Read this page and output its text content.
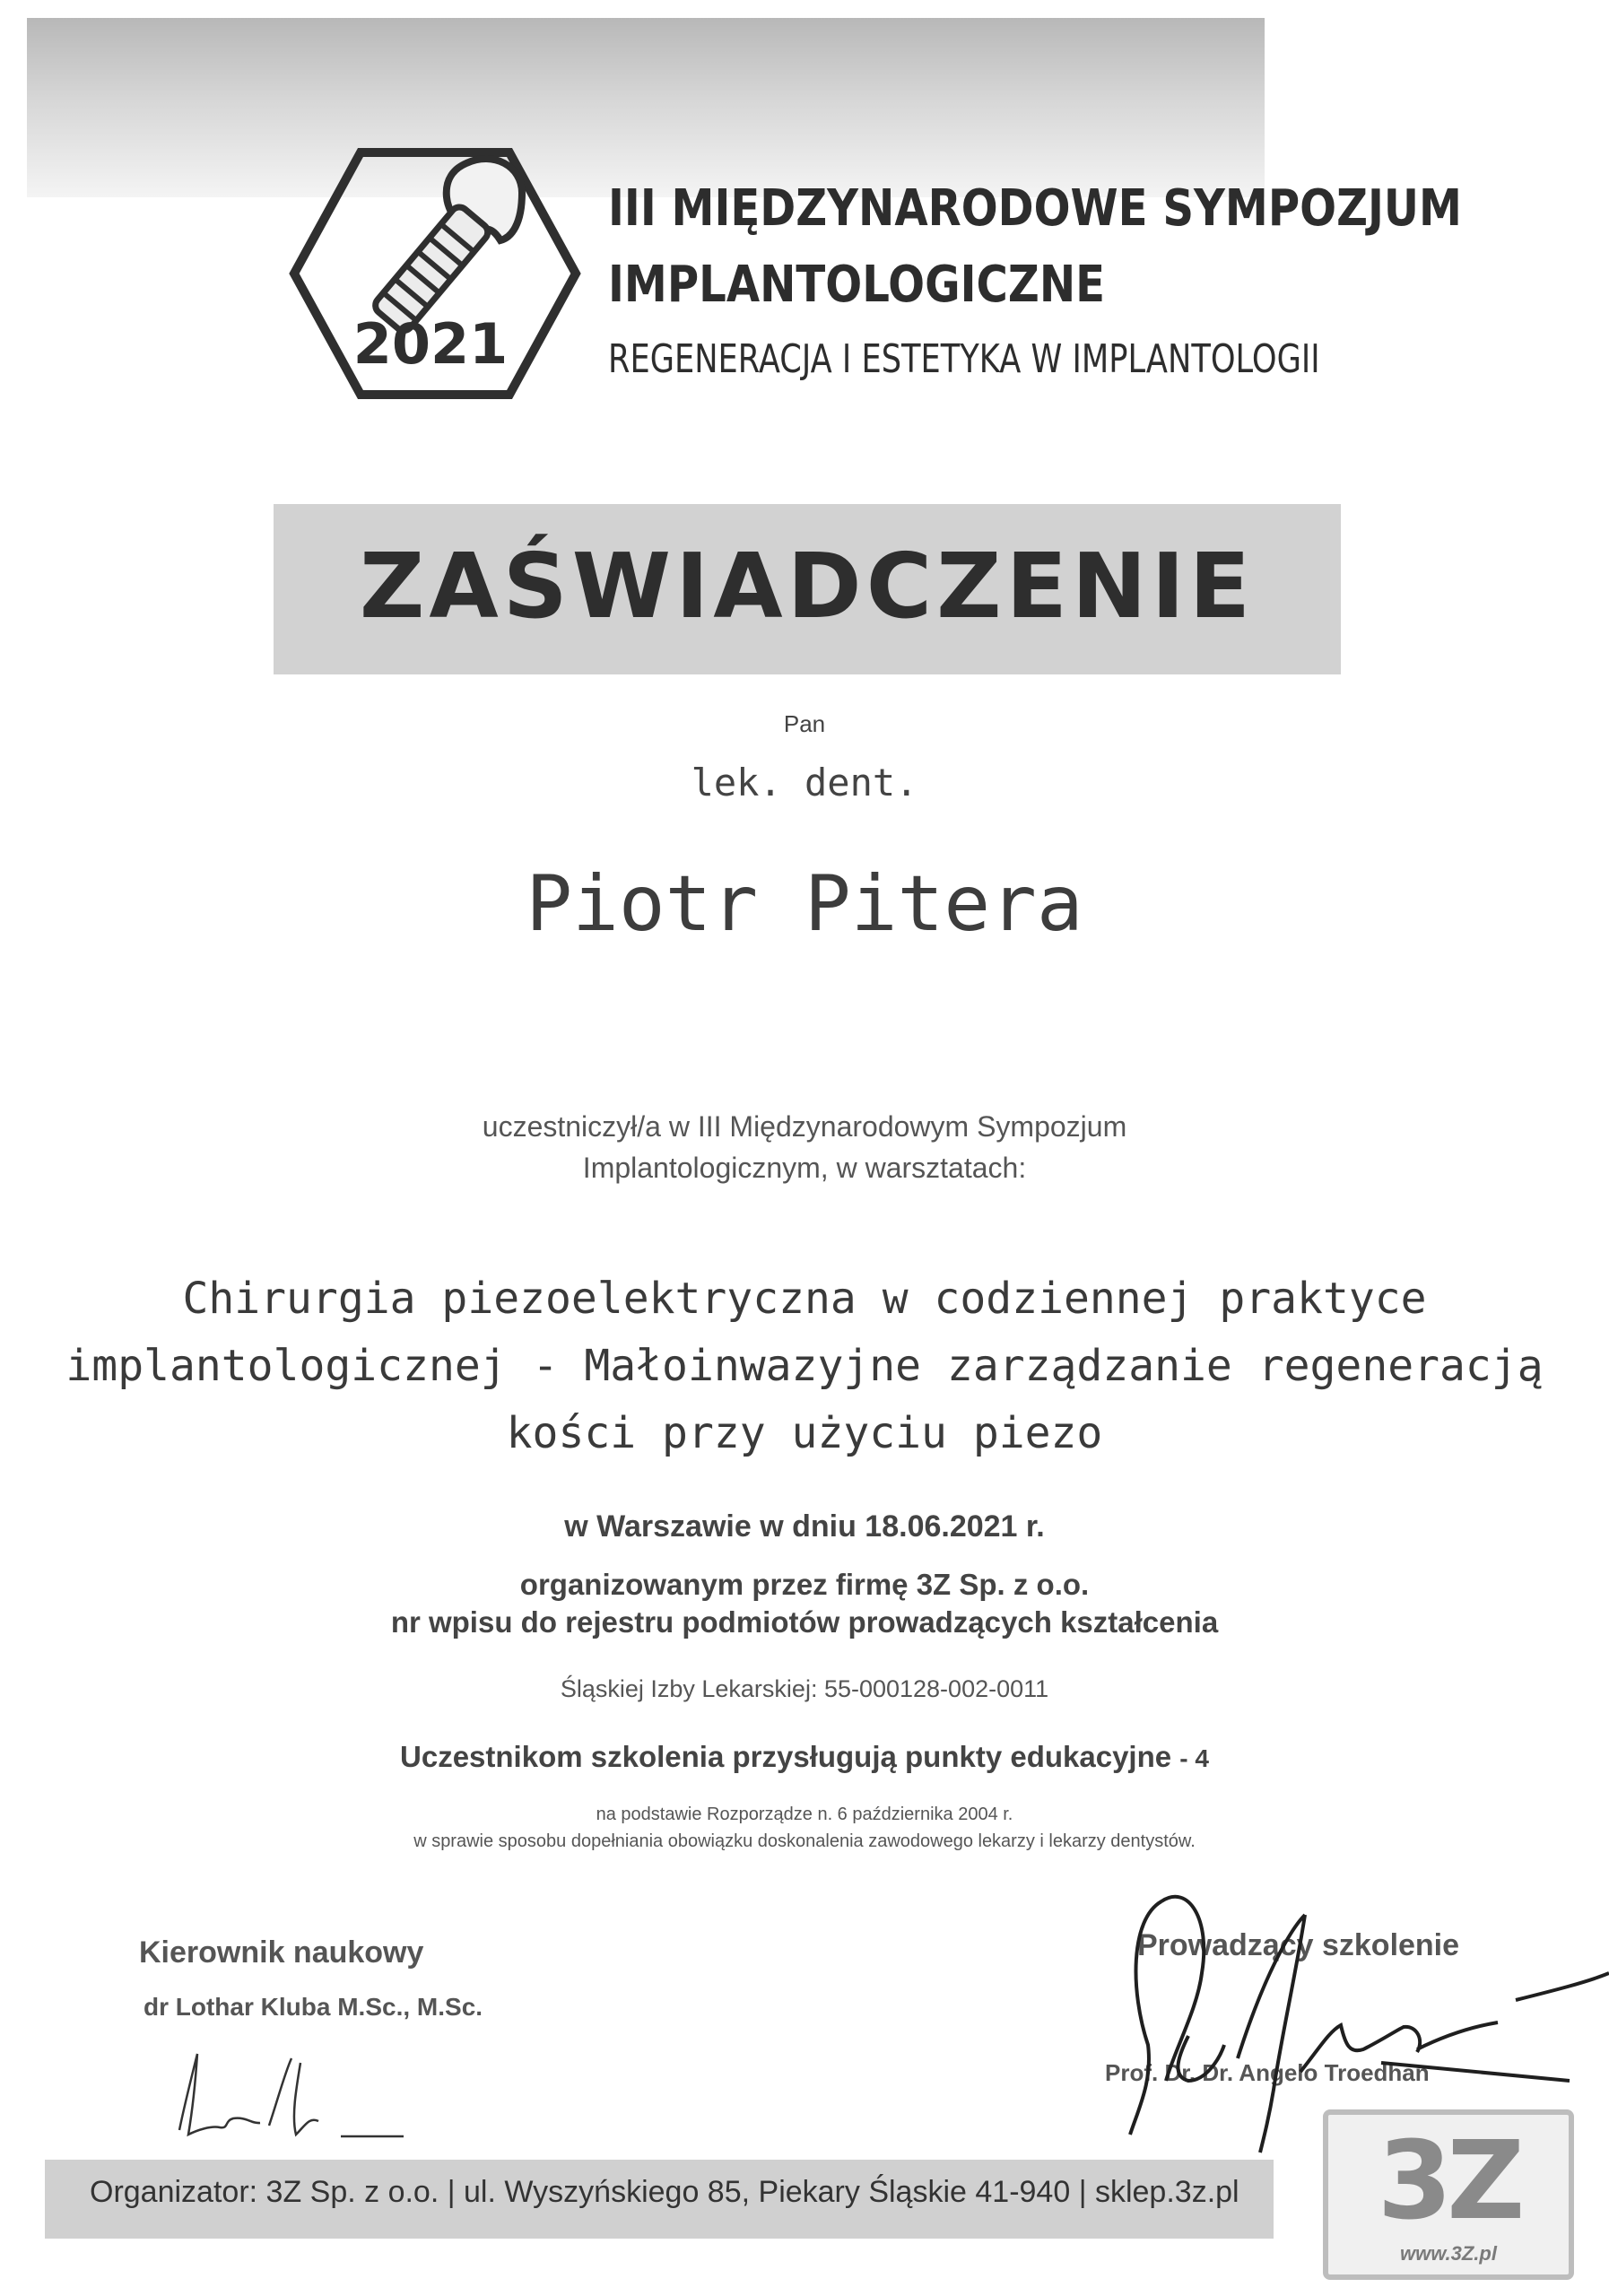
2021
III MIĘDZYNARODOWE SYMPOZJUM
IMPLANTOLOGICZNE
REGENERACJA I ESTETYKA W IMPLANTOLOGII
ZAŚWIADCZENIE
Pan
lek. dent.
Piotr Pitera
uczestniczył/a w III Międzynarodowym Sympozjum
Implantologicznym, w warsztatach:
Chirurgia piezoelektryczna w codziennej praktyce
implantologicznej - Małoinwazyjne zarządzanie regeneracją
kości przy użyciu piezo
w Warszawie w dniu 18.06.2021 r.
organizowanym przez firmę 3Z Sp. z o.o.
nr wpisu do rejestru podmiotów prowadzących kształcenia
Śląskiej Izby Lekarskiej: 55-000128-002-0011
Uczestnikom szkolenia przysługują punkty edukacyjne - 4
na podstawie Rozporządze n. 6 października 2004 r.
w sprawie sposobu dopełniania obowiązku doskonalenia zawodowego lekarzy i lekarzy dentystów.
Kierownik naukowy
dr Lothar Kluba M.Sc., M.Sc.
Prowadzący szkolenie
Prof. Dr. Dr. Angelo Troedhan
Organizator: 3Z Sp. z o.o. | ul. Wyszyńskiego 85, Piekary Śląskie 41-940 | sklep.3z.pl	3Z
www.3Z.pl
